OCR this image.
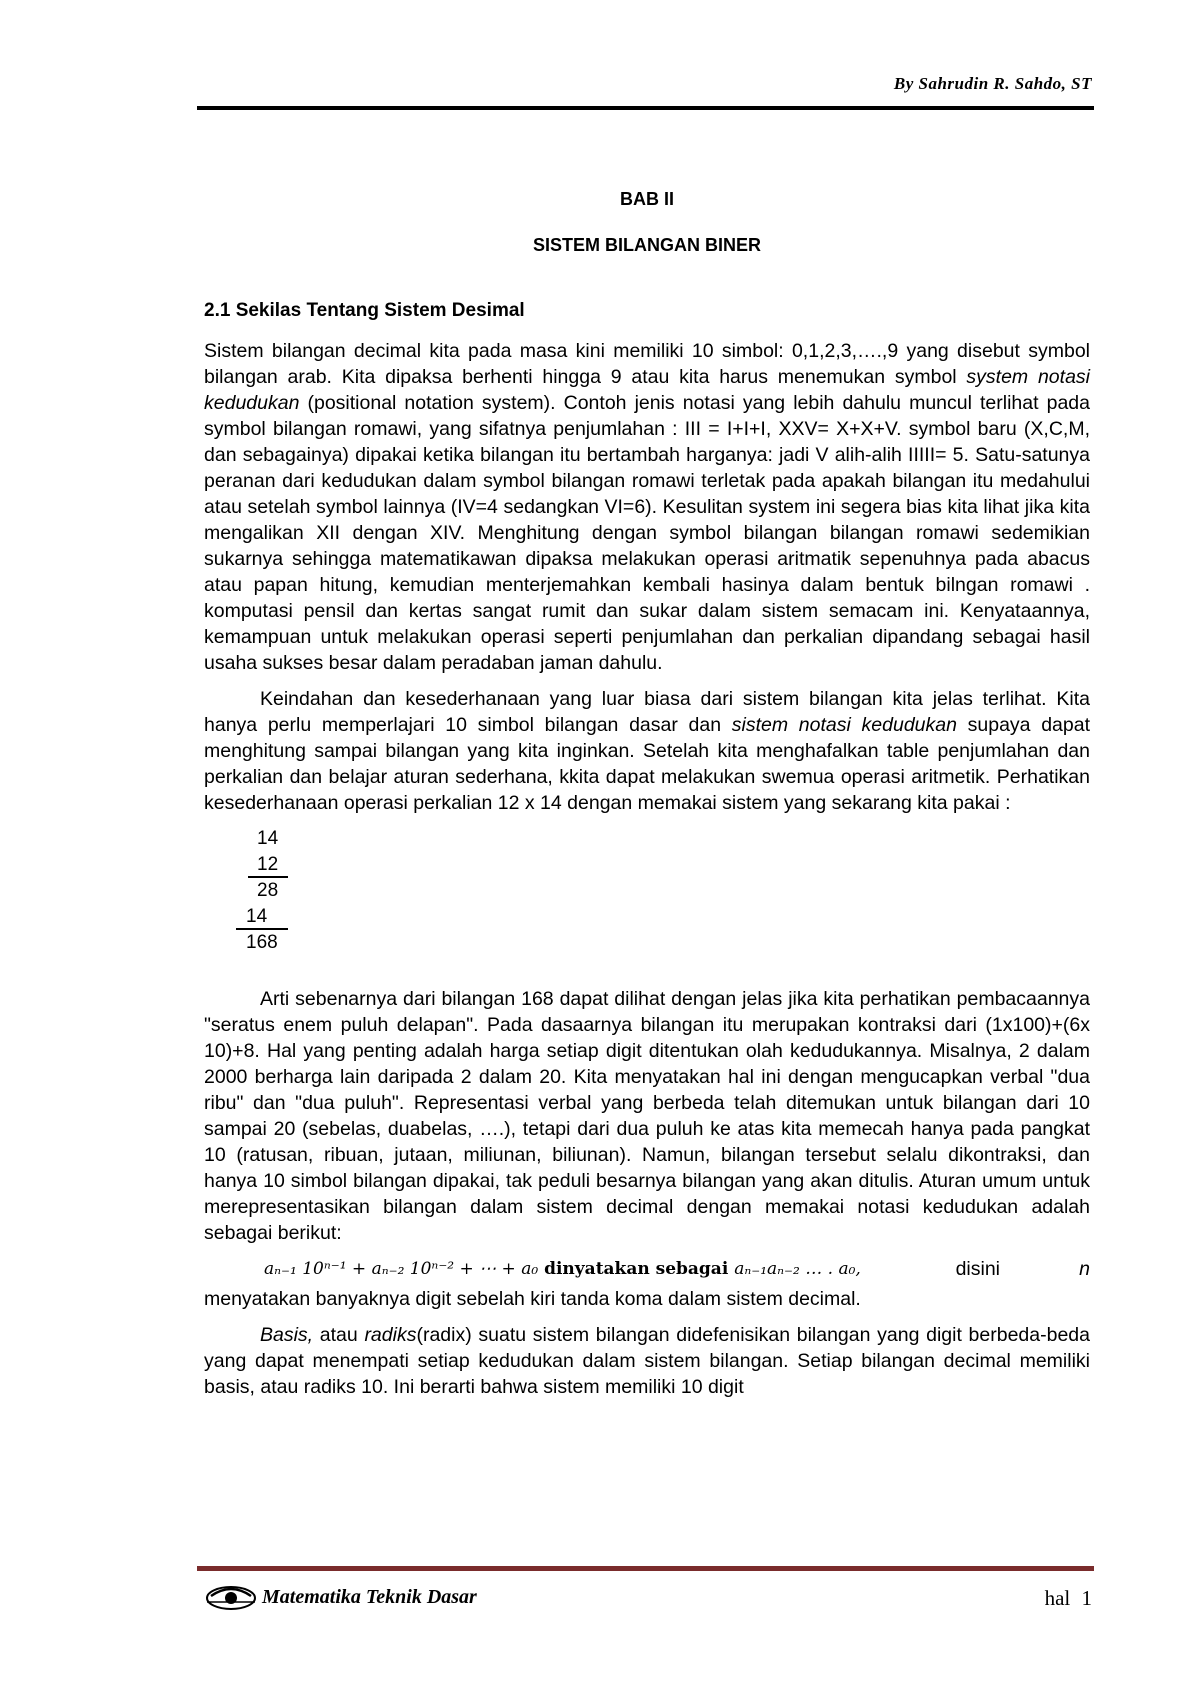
By Sahrudin R. Sahdo, ST
BAB II
SISTEM BILANGAN BINER
2.1 Sekilas Tentang Sistem Desimal

Sistem bilangan decimal kita pada masa kini memiliki 10 simbol: 0,1,2,3,….,9 yang disebut symbol bilangan arab. Kita dipaksa berhenti hingga 9 atau kita harus menemukan symbol system notasi kedudukan (positional notation system). Contoh jenis notasi yang lebih dahulu muncul terlihat pada symbol bilangan romawi, yang sifatnya penjumlahan : III = I+I+I, XXV= X+X+V. symbol baru (X,C,M, dan sebagainya) dipakai ketika bilangan itu bertambah harganya: jadi V alih-alih IIIII= 5. Satu-satunya peranan dari kedudukan dalam symbol bilangan romawi terletak pada apakah bilangan itu medahului atau setelah symbol lainnya (IV=4 sedangkan VI=6). Kesulitan system ini segera bias kita lihat jika kita mengalikan XII dengan XIV. Menghitung dengan symbol bilangan bilangan romawi sedemikian sukarnya sehingga matematikawan dipaksa melakukan operasi aritmatik sepenuhnya pada abacus atau papan hitung, kemudian menterjemahkan kembali hasinya dalam bentuk bilngan romawi . komputasi pensil dan kertas sangat rumit dan sukar dalam sistem semacam ini. Kenyataannya, kemampuan untuk melakukan operasi seperti penjumlahan dan perkalian dipandang sebagai hasil usaha sukses besar dalam peradaban jaman dahulu.

Keindahan dan kesederhanaan yang luar biasa dari sistem bilangan kita jelas terlihat. Kita hanya perlu memperlajari 10 simbol bilangan dasar dan sistem notasi kedudukan supaya dapat menghitung sampai bilangan yang kita inginkan. Setelah kita menghafalkan table penjumlahan dan perkalian dan belajar aturan sederhana, kkita dapat melakukan swemua operasi aritmetik. Perhatikan kesederhanaan operasi perkalian 12 x 14 dengan memakai sistem yang sekarang kita pakai :

14
12
28
14
168

Arti sebenarnya dari bilangan 168 dapat dilihat dengan jelas jika kita perhatikan pembacaannya "seratus enem puluh delapan". Pada dasaarnya bilangan itu merupakan kontraksi dari (1x100)+(6x 10)+8. Hal yang penting adalah harga setiap digit ditentukan olah kedudukannya. Misalnya, 2 dalam 2000 berharga lain daripada 2 dalam 20. Kita menyatakan hal ini dengan mengucapkan verbal "dua ribu" dan "dua puluh". Representasi verbal yang berbeda telah ditemukan untuk bilangan dari 10 sampai 20 (sebelas, duabelas, ….), tetapi dari dua puluh ke atas kita memecah hanya pada pangkat 10 (ratusan, ribuan, jutaan, miliunan, biliunan). Namun, bilangan tersebut selalu dikontraksi, dan hanya 10 simbol bilangan dipakai, tak peduli besarnya bilangan yang akan ditulis. Aturan umum untuk merepresentasikan bilangan dalam sistem decimal dengan memakai notasi kedudukan adalah sebagai berikut:

aₙ₋₁ 10ⁿ⁻¹ + aₙ₋₂ 10ⁿ⁻² + ⋯ + a₀ dinyatakan sebagai aₙ₋₁aₙ₋₂ … . a₀,	disini	n

menyatakan banyaknya digit sebelah kiri tanda koma dalam sistem decimal.

Basis, atau radiks(radix) suatu sistem bilangan didefenisikan bilangan yang digit berbeda-beda yang dapat menempati setiap kedudukan dalam sistem bilangan. Setiap bilangan decimal memiliki basis, atau radiks 10. Ini berarti bahwa sistem memiliki 10 digit

Matematika Teknik Dasar	hal 1
